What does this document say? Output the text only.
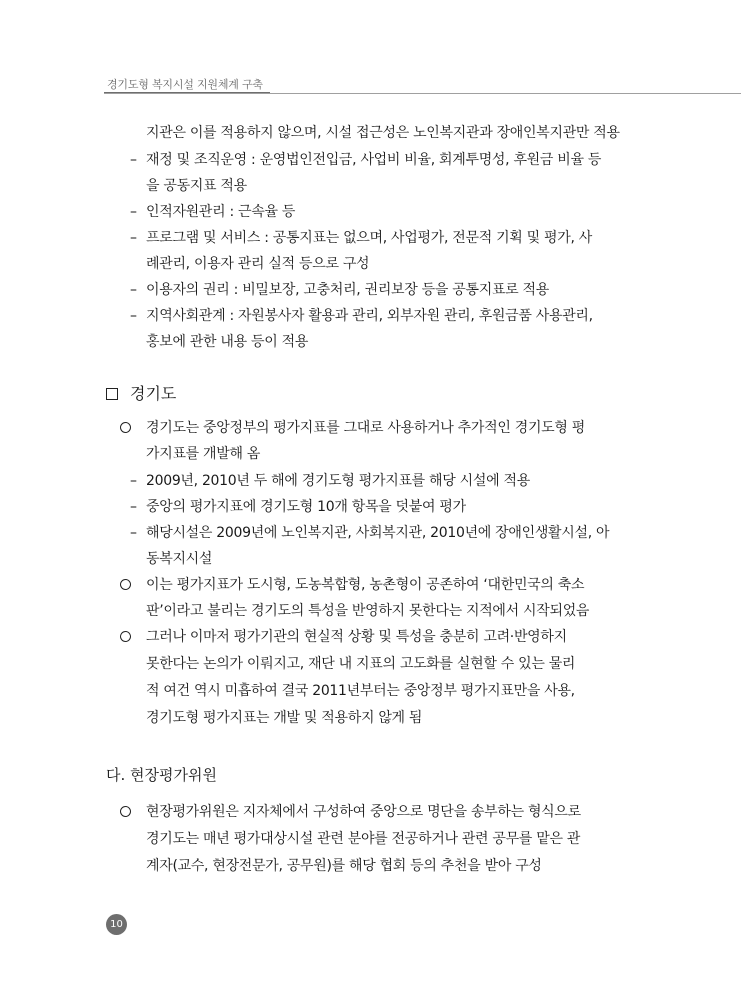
경기도형 복지시설 지원체계 구축
지관은 이를 적용하지 않으며, 시설 접근성은 노인복지관과 장애인복지관만 적용
– 재정 및 조직운영 : 운영법인전입금, 사업비 비율, 회계투명성, 후원금 비율 등
을 공동지표 적용
– 인적자원관리 : 근속율 등
– 프로그램 및 서비스 : 공통지표는 없으며, 사업평가, 전문적 기획 및 평가, 사
례관리, 이용자 관리 실적 등으로 구성
– 이용자의 권리 : 비밀보장, 고충처리, 권리보장 등을 공통지표로 적용
– 지역사회관계 : 자원봉사자 활용과 관리, 외부자원 관리, 후원금품 사용관리,
홍보에 관한 내용 등이 적용
경기도
경기도는 중앙정부의 평가지표를 그대로 사용하거나 추가적인 경기도형 평
가지표를 개발해 옴
– 2009년, 2010년 두 해에 경기도형 평가지표를 해당 시설에 적용
– 중앙의 평가지표에 경기도형 10개 항목을 덧붙여 평가
– 해당시설은 2009년에 노인복지관, 사회복지관, 2010년에 장애인생활시설, 아
동복지시설
이는 평가지표가 도시형, 도농복합형, 농촌형이 공존하여 ‘대한민국의 축소
판’이라고 불리는 경기도의 특성을 반영하지 못한다는 지적에서 시작되었음
그러나 이마저 평가기관의 현실적 상황 및 특성을 충분히 고려·반영하지
못한다는 논의가 이뤄지고, 재단 내 지표의 고도화를 실현할 수 있는 물리
적 여건 역시 미흡하여 결국 2011년부터는 중앙정부 평가지표만을 사용,
경기도형 평가지표는 개발 및 적용하지 않게 됨
다. 현장평가위원
현장평가위원은 지자체에서 구성하여 중앙으로 명단을 송부하는 형식으로
경기도는 매년 평가대상시설 관련 분야를 전공하거나 관련 공무를 맡은 관
계자(교수, 현장전문가, 공무원)를 해당 협회 등의 추천을 받아 구성
10
